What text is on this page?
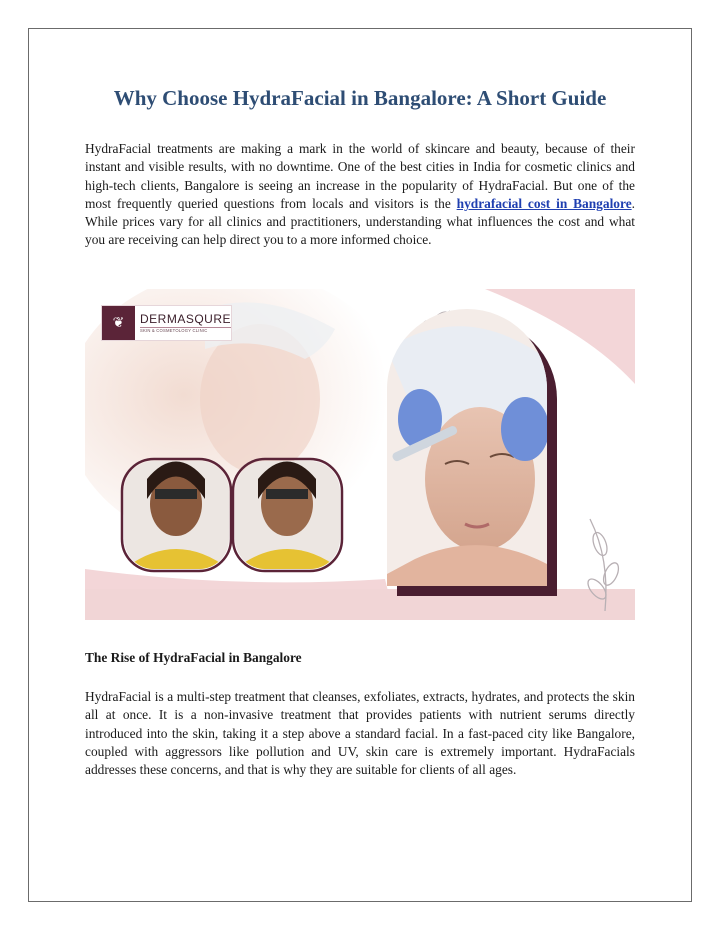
Why Choose HydraFacial in Bangalore: A Short Guide

HydraFacial treatments are making a mark in the world of skincare and beauty, because of their instant and visible results, with no downtime. One of the best cities in India for cosmetic clinics and high-tech clients, Bangalore is seeing an increase in the popularity of HydraFacial. But one of the most frequently queried questions from locals and visitors is the hydrafacial cost in Bangalore. While prices vary for all clinics and practitioners, understanding what influences the cost and what you are receiving can help direct you to a more informed choice.

❦	DERMASQURE
SKIN & COSMETOLOGY CLINIC
The Rise of HydraFacial in Bangalore

HydraFacial is a multi-step treatment that cleanses, exfoliates, extracts, hydrates, and protects the skin all at once. It is a non-invasive treatment that provides patients with nutrient serums directly introduced into the skin, taking it a step above a standard facial. In a fast-paced city like Bangalore, coupled with aggressors like pollution and UV, skin care is extremely important. HydraFacials addresses these concerns, and that is why they are suitable for clients of all ages.
